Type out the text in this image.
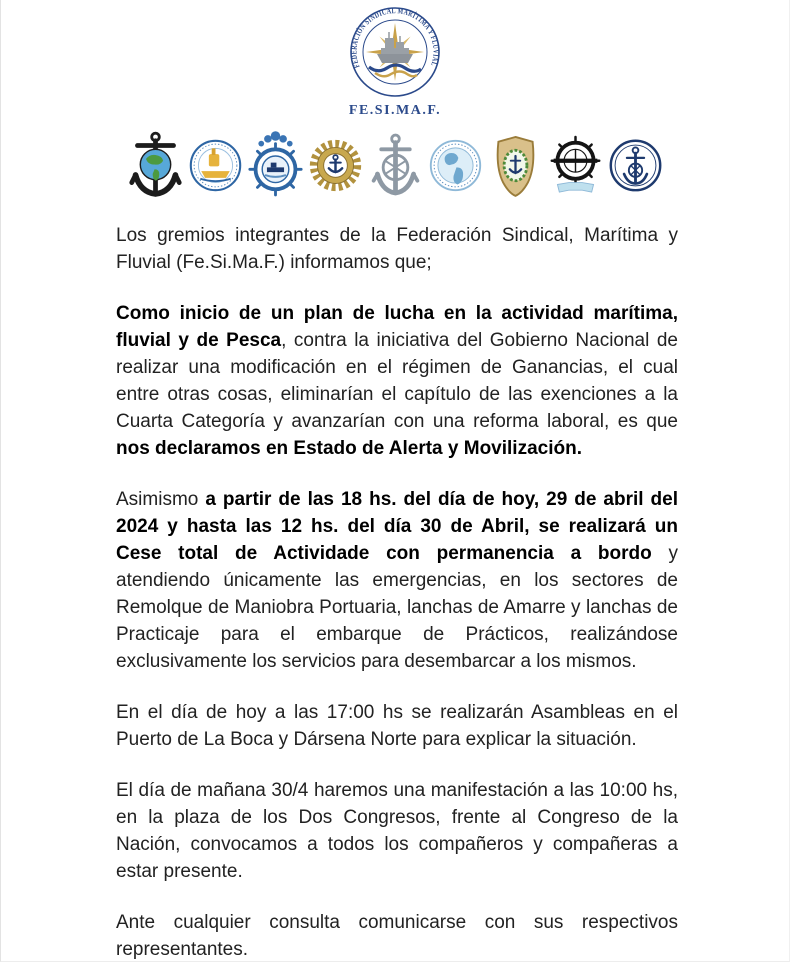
FEDERACIÓN SINDICAL MARÍTIMA Y FLUVIAL
FE.SI.MA.F.

Los gremios integrantes de la Federación Sindical, Marítima y Fluvial (Fe.Si.Ma.F.) informamos que;

Como inicio de un plan de lucha en la actividad marítima, fluvial y de Pesca, contra la iniciativa del Gobierno Nacional de realizar una modificación en el régimen de Ganancias, el cual entre otras cosas, eliminarían el capítulo de las exenciones a la Cuarta Categoría y avanzarían con una reforma laboral, es que nos declaramos en Estado de Alerta y Movilización.

Asimismo a partir de las 18 hs. del día de hoy, 29 de abril del 2024 y hasta las 12 hs. del día 30 de Abril, se realizará un Cese total de Actividade con permanencia a bordo y atendiendo únicamente las emergencias, en los sectores de Remolque de Maniobra Portuaria, lanchas de Amarre y lanchas de Practicaje para el embarque de Prácticos, realizándose exclusivamente los servicios para desembarcar a los mismos.

En el día de hoy a las 17:00 hs se realizarán Asambleas en el Puerto de La Boca y Dársena Norte para explicar la situación.

El día de mañana 30/4 haremos una manifestación a las 10:00 hs, en la plaza de los Dos Congresos, frente al Congreso de la Nación, convocamos a todos los compañeros y compañeras a estar presente.

Ante cualquier consulta comunicarse con sus respectivos representantes.
